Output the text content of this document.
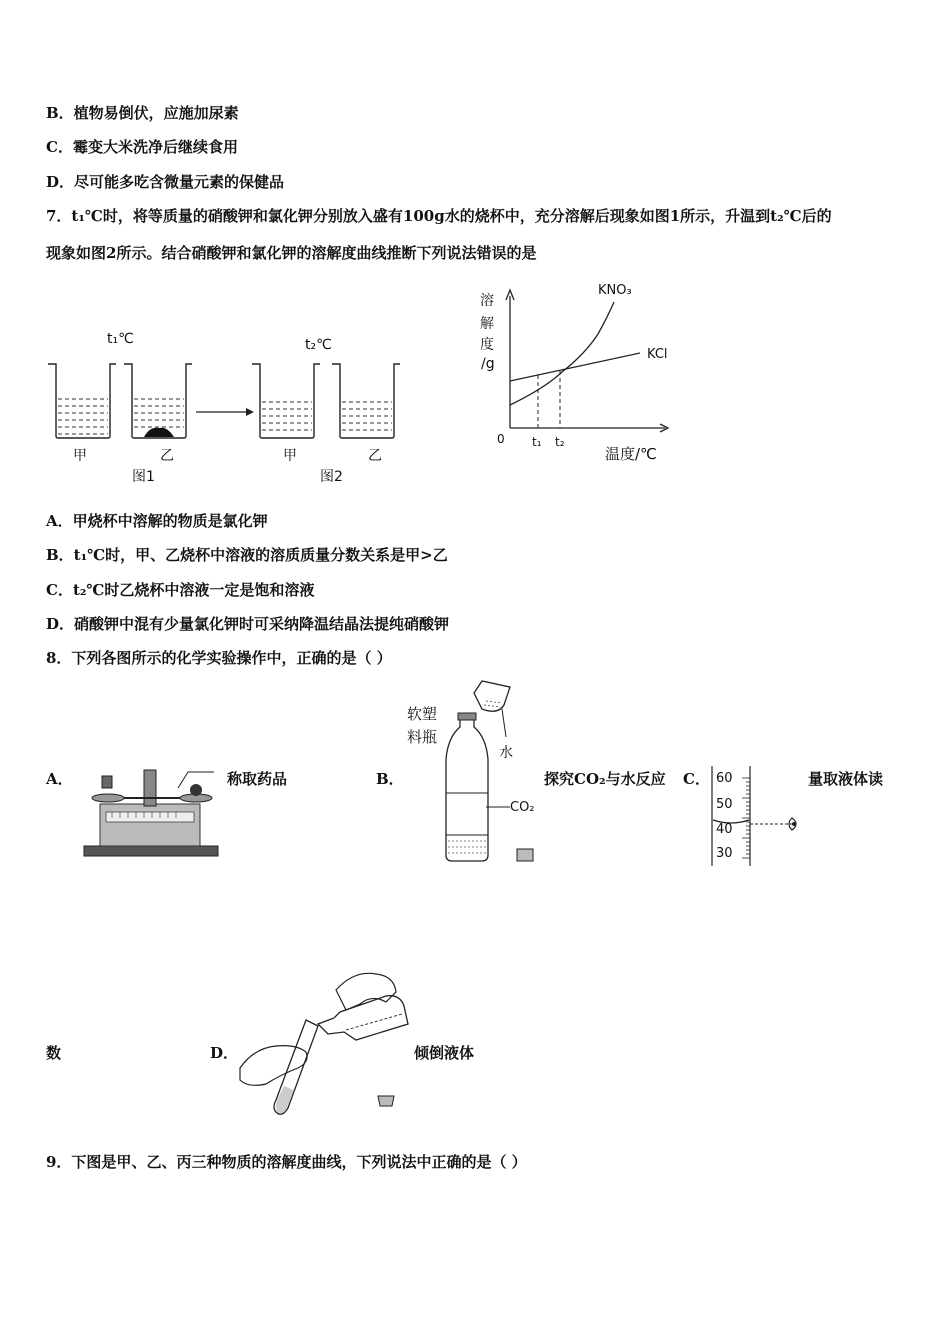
B．植物易倒伏，应施加尿素
C．霉变大米洗净后继续食用
D．尽可能多吃含微量元素的保健品
7．t₁℃时，将等质量的硝酸钾和氯化钾分别放入盛有100g水的烧杯中，充分溶解后现象如图1所示，升温到t₂℃后的
现象如图2所示。结合硝酸钾和氯化钾的溶解度曲线推断下列说法错误的是
t₁℃	t₂℃
甲	乙	甲	乙
图1	图2
溶
解
度
/g
KNO₃
KCl
0 t₁ t₂
温度/℃
A．甲烧杯中溶解的物质是氯化钾
B．t₁℃时，甲、乙烧杯中溶液的溶质质量分数关系是甲>乙
C．t₂℃时乙烧杯中溶液一定是饱和溶液
D．硝酸钾中混有少量氯化钾时可采纳降温结晶法提纯硝酸钾
8．下列各图所示的化学实验操作中，正确的是（ ）
A．	称取药品	B．
软塑
料瓶
水
CO₂
探究CO₂与水反应 C． 60
50
40
30
量取液体读
数	D．	倾倒液体
9．下图是甲、乙、丙三种物质的溶解度曲线，下列说法中正确的是（ ）
